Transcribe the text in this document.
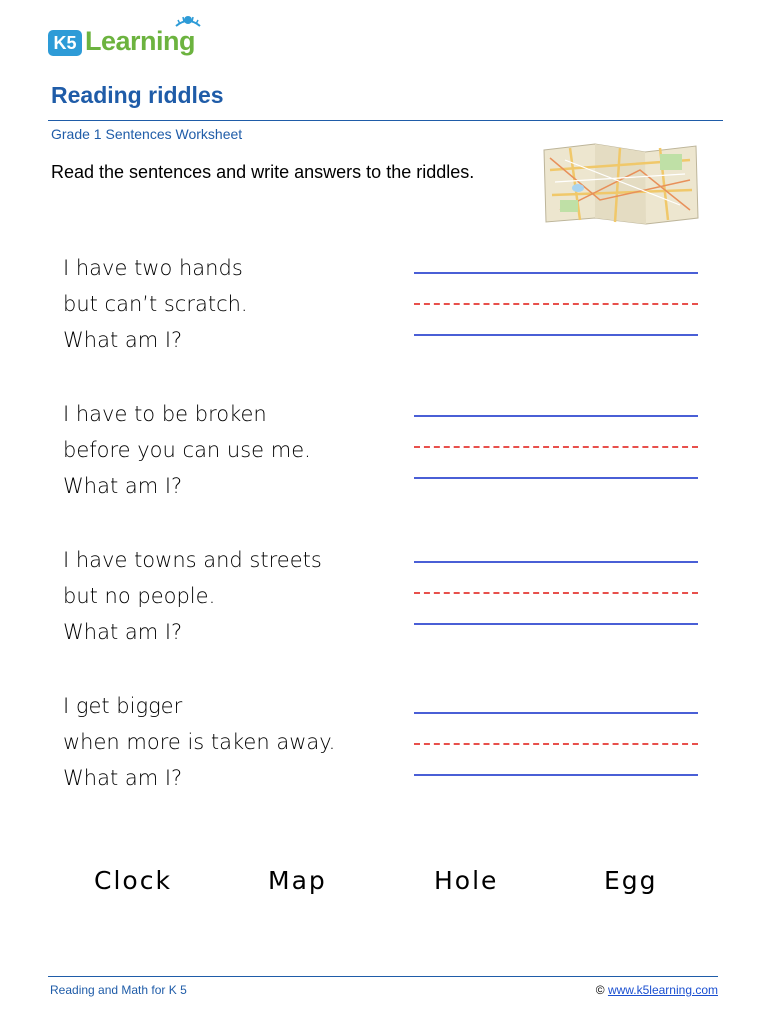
K5 Learning
Reading riddles
Grade 1 Sentences Worksheet
Read the sentences and write answers to the riddles.
I have two hands
but can’t scratch.
What am I?
I have to be broken
before you can use me.
What am I?
I have towns and streets
but no people.
What am I?
I get bigger
when more is taken away.
What am I?
Clock	Map	Hole	Egg
Reading and Math for K 5	© www.k5learning.com
